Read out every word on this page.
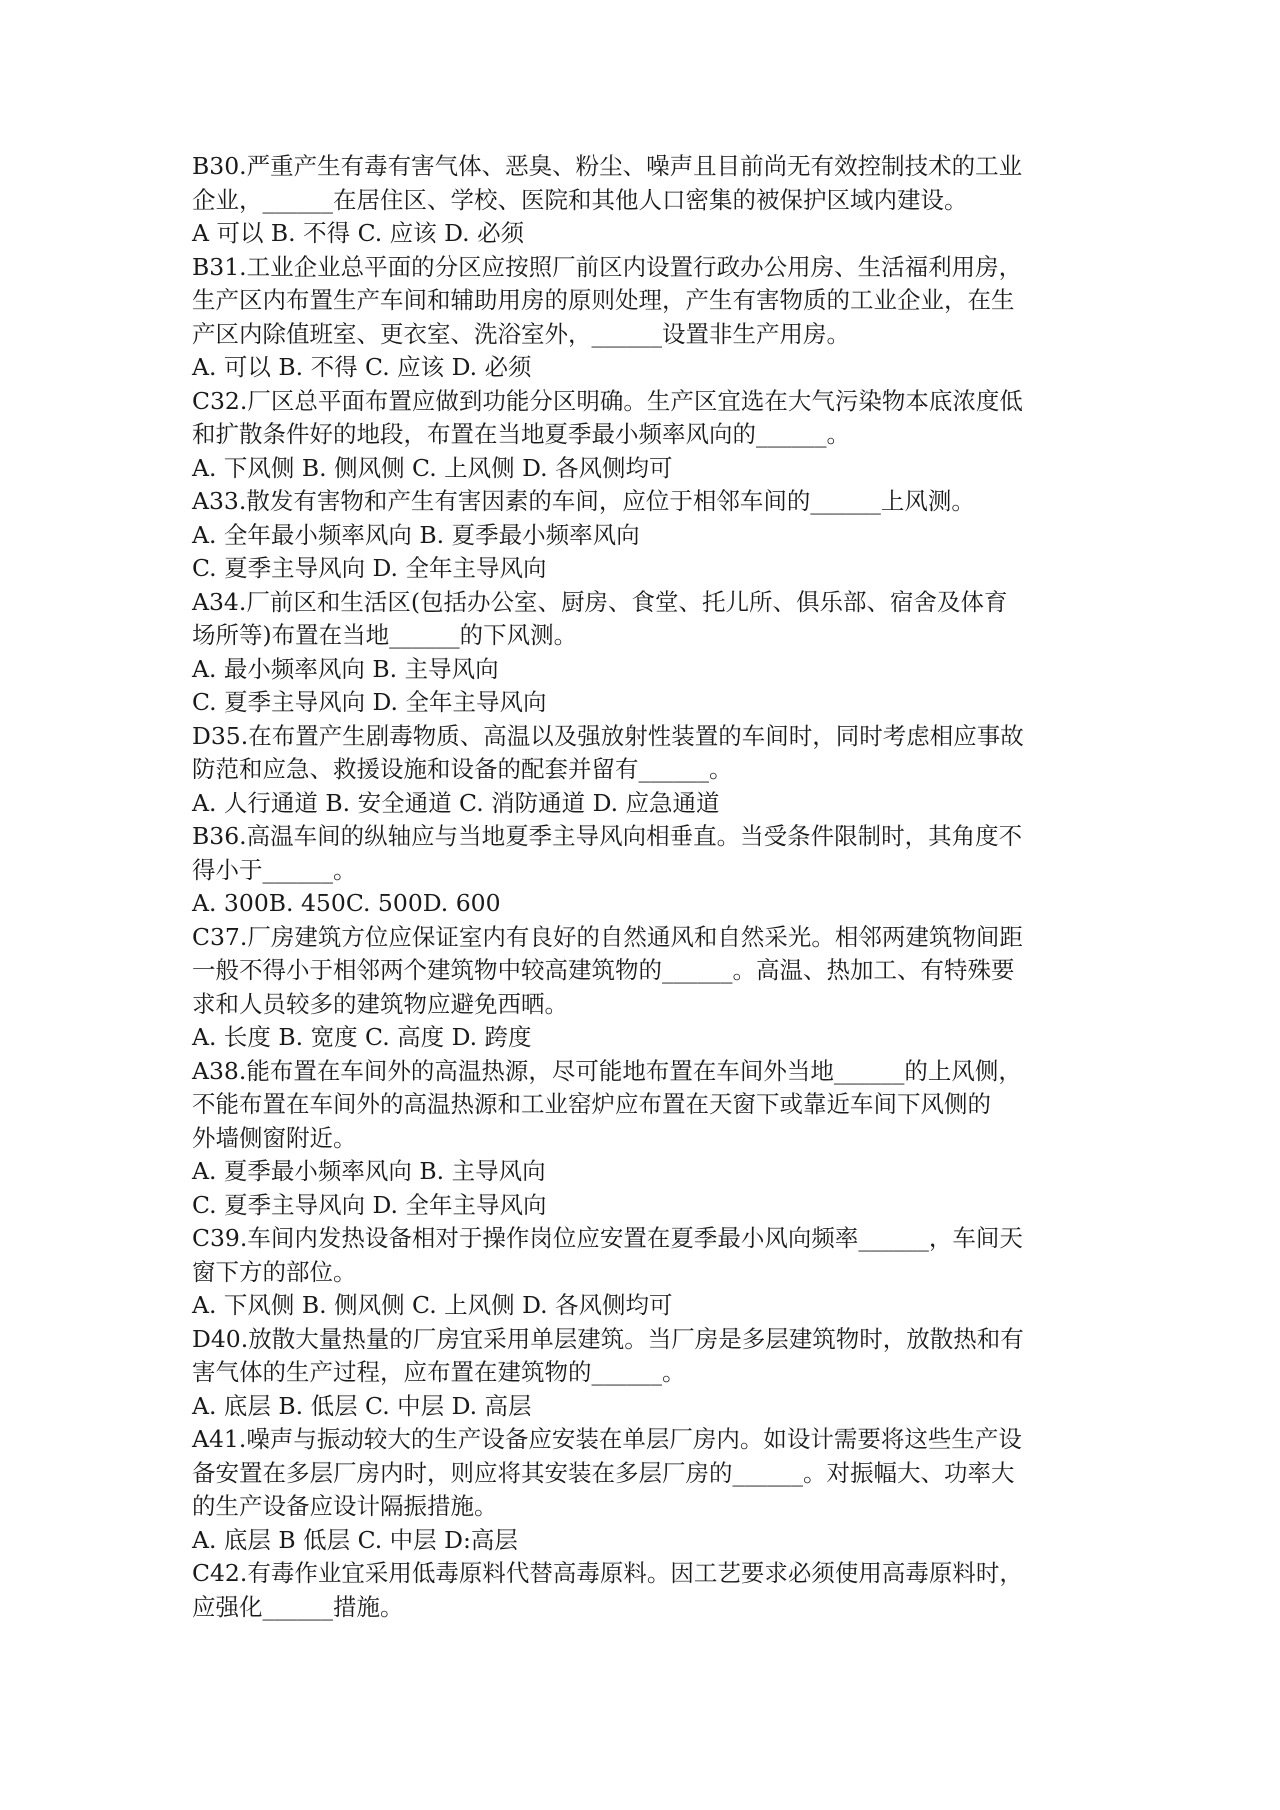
B30.严重产生有毒有害气体、恶臭、粉尘、噪声且目前尚无有效控制技术的工业
企业，______在居住区、学校、医院和其他人口密集的被保护区域内建设。
A 可以 B. 不得 C. 应该 D. 必须
B31.工业企业总平面的分区应按照厂前区内设置行政办公用房、生活福利用房，
生产区内布置生产车间和辅助用房的原则处理，产生有害物质的工业企业，在生
产区内除值班室、更衣室、洗浴室外，______设置非生产用房。
A. 可以 B. 不得 C. 应该 D. 必须
C32.厂区总平面布置应做到功能分区明确。生产区宜选在大气污染物本底浓度低
和扩散条件好的地段，布置在当地夏季最小频率风向的______。
A. 下风侧 B. 侧风侧 C. 上风侧 D. 各风侧均可
A33.散发有害物和产生有害因素的车间，应位于相邻车间的______上风测。
A. 全年最小频率风向 B. 夏季最小频率风向
C. 夏季主导风向 D. 全年主导风向
A34.厂前区和生活区(包括办公室、厨房、食堂、托儿所、俱乐部、宿舍及体育
场所等)布置在当地______的下风测。
A. 最小频率风向 B. 主导风向
C. 夏季主导风向 D. 全年主导风向
D35.在布置产生剧毒物质、高温以及强放射性装置的车间时，同时考虑相应事故
防范和应急、救援设施和设备的配套并留有______。
A. 人行通道 B. 安全通道 C. 消防通道 D. 应急通道
B36.高温车间的纵轴应与当地夏季主导风向相垂直。当受条件限制时，其角度不
得小于______。
A. 300B. 450C. 500D. 600
C37.厂房建筑方位应保证室内有良好的自然通风和自然采光。相邻两建筑物间距
一般不得小于相邻两个建筑物中较高建筑物的______。高温、热加工、有特殊要
求和人员较多的建筑物应避免西晒。
A. 长度 B. 宽度 C. 高度 D. 跨度
A38.能布置在车间外的高温热源，尽可能地布置在车间外当地______的上风侧，
不能布置在车间外的高温热源和工业窑炉应布置在天窗下或靠近车间下风侧的
外墙侧窗附近。
A. 夏季最小频率风向 B. 主导风向
C. 夏季主导风向 D. 全年主导风向
C39.车间内发热设备相对于操作岗位应安置在夏季最小风向频率______，车间天
窗下方的部位。
A. 下风侧 B. 侧风侧 C. 上风侧 D. 各风侧均可
D40.放散大量热量的厂房宜采用单层建筑。当厂房是多层建筑物时，放散热和有
害气体的生产过程，应布置在建筑物的______。
A. 底层 B. 低层 C. 中层 D. 高层
A41.噪声与振动较大的生产设备应安装在单层厂房内。如设计需要将这些生产设
备安置在多层厂房内时，则应将其安装在多层厂房的______。对振幅大、功率大
的生产设备应设计隔振措施。
A. 底层 B 低层 C. 中层 D:高层
C42.有毒作业宜采用低毒原料代替高毒原料。因工艺要求必须使用高毒原料时，
应强化______措施。
